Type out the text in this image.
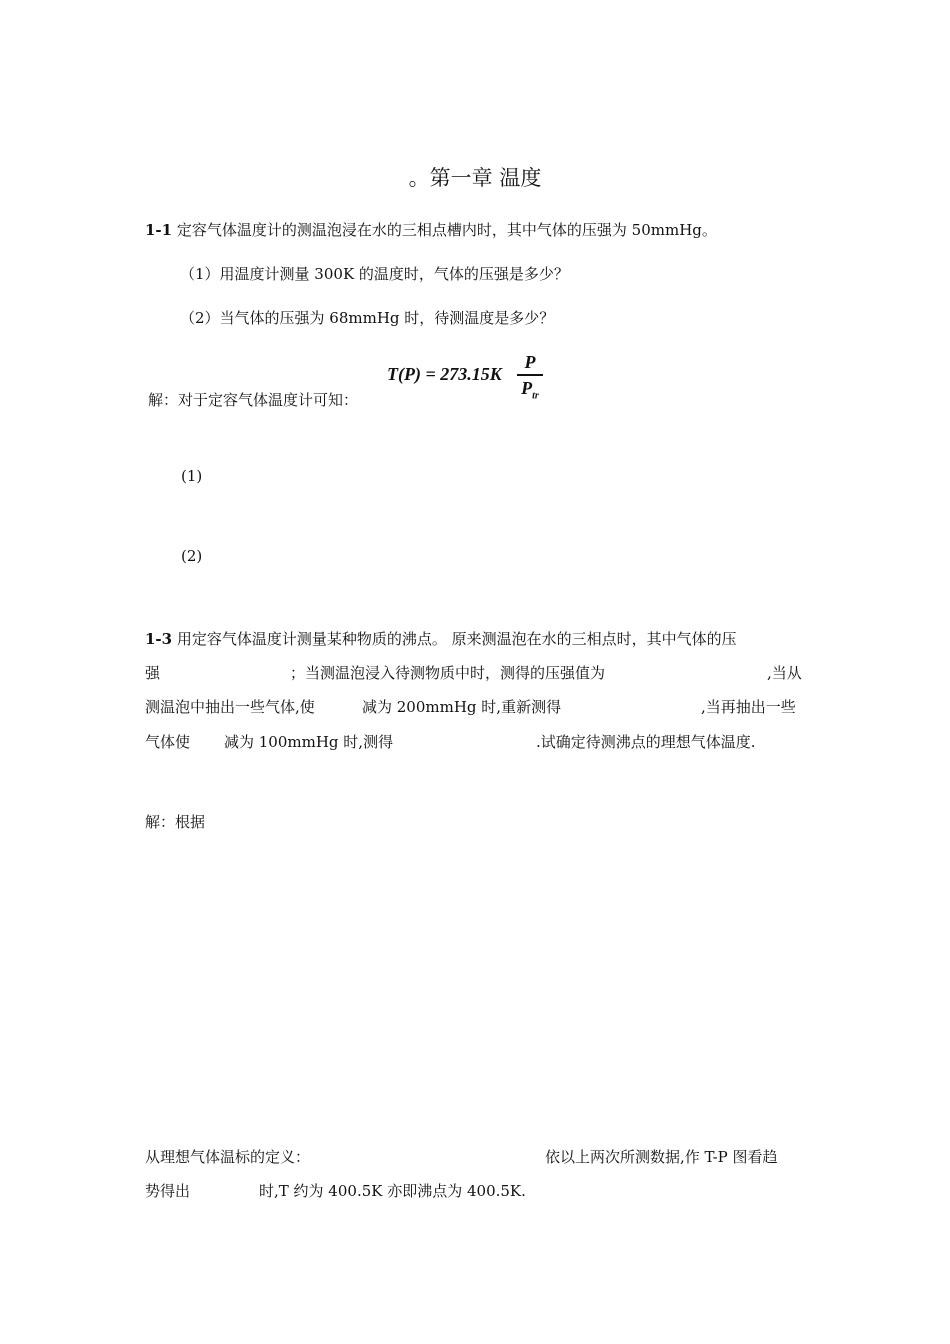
。第一章 温度
1-1 定容气体温度计的测温泡浸在水的三相点槽内时，其中气体的压强为 50mmHg。
（1）用温度计测量 300K 的温度时，气体的压强是多少？
（2）当气体的压强为 68mmHg 时，待测温度是多少？
解：对于定容气体温度计可知：
T(P) = 273.15K
P
$P_{tr}$
(1)
(2)
1-3 用定容气体温度计测量某种物质的沸点。 原来测温泡在水的三相点时，其中气体的压
强	；当测温泡浸入待测物质中时，测得的压强值为	,当从
测温泡中抽出一些气体,使	减为 200mmHg 时,重新测得	,当再抽出一些
气体使 减为 100mmHg 时,测得	.试确定待测沸点的理想气体温度.
解：根据
从理想气体温标的定义：	依以上两次所测数据,作 T-P 图看趋
势得出	时,T 约为 400.5K 亦即沸点为 400.5K.
